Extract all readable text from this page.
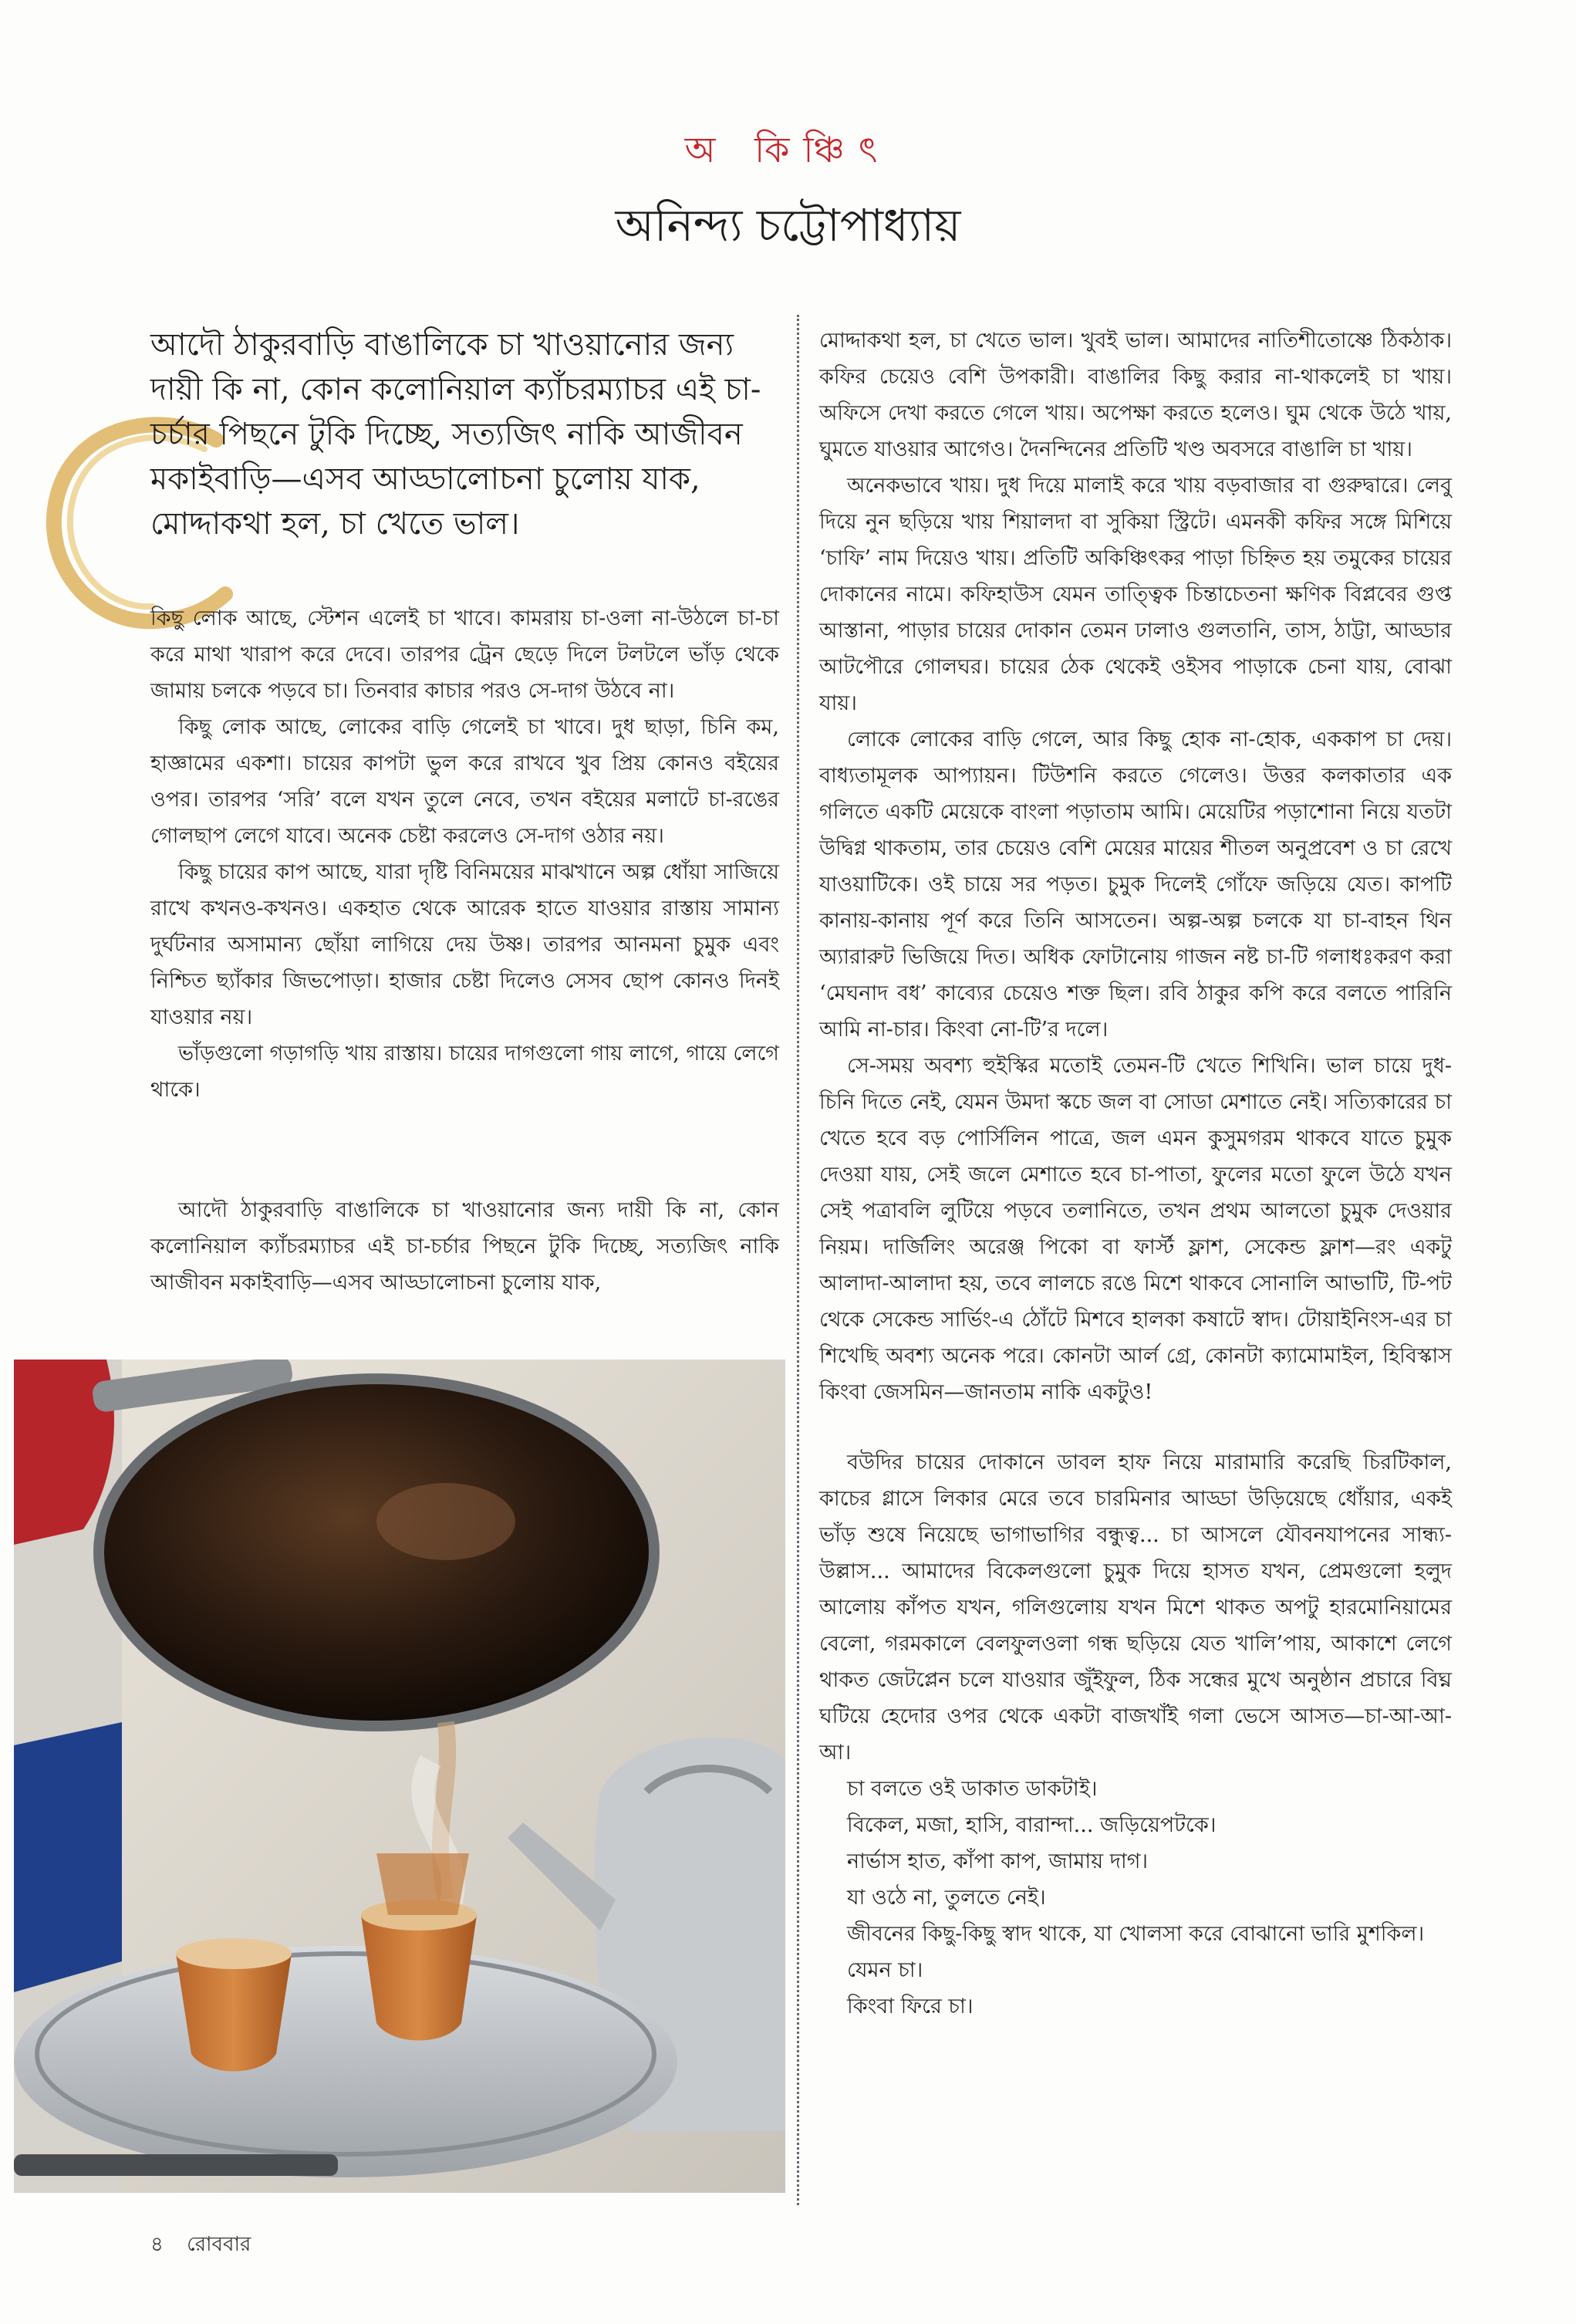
অ কিঞ্চিৎ
অনিন্দ্য চট্টোপাধ্যায়

আদৌ ঠাকুরবাড়ি বাঙালিকে চা খাওয়ানোর জন্য দায়ী কি না, কোন কলোনিয়াল ক্যাঁচরম্যাচর এই চা-চর্চার পিছনে টুকি দিচ্ছে, সত্যজিৎ নাকি আজীবন মকাইবাড়ি—এসব আড্ডালোচনা চুলোয় যাক, মোদ্দাকথা হল, চা খেতে ভাল।

কিছু লোক আছে, স্টেশন এলেই চা খাবে। কামরায় চা-ওলা না-উঠলে চা-চা করে মাথা খারাপ করে দেবে। তারপর ট্রেন ছেড়ে দিলে টলটলে ভাঁড় থেকে জামায় চলকে পড়বে চা। তিনবার কাচার পরও সে-দাগ উঠবে না।

কিছু লোক আছে, লোকের বাড়ি গেলেই চা খাবে। দুধ ছাড়া, চিনি কম, হাজ্ঞামের একশা। চায়ের কাপটা ভুল করে রাখবে খুব প্রিয় কোনও বইয়ের ওপর। তারপর ‘সরি’ বলে যখন তুলে নেবে, তখন বইয়ের মলাটে চা-রঙের গোলছাপ লেগে যাবে। অনেক চেষ্টা করলেও সে-দাগ ওঠার নয়।

কিছু চায়ের কাপ আছে, যারা দৃষ্টি বিনিময়ের মাঝখানে অল্প ধোঁয়া সাজিয়ে রাখে কখনও-কখনও। একহাত থেকে আরেক হাতে যাওয়ার রাস্তায় সামান্য দুর্ঘটনার অসামান্য ছোঁয়া লাগিয়ে দেয় উষ্ণ। তারপর আনমনা চুমুক এবং নিশ্চিত ছ্যাঁকার জিভপোড়া। হাজার চেষ্টা দিলেও সেসব ছোপ কোনও দিনই যাওয়ার নয়।

ভাঁড়গুলো গড়াগড়ি খায় রাস্তায়। চায়ের দাগগুলো গায় লাগে, গায়ে লেগে থাকে।

আদৌ ঠাকুরবাড়ি বাঙালিকে চা খাওয়ানোর জন্য দায়ী কি না, কোন কলোনিয়াল ক্যাঁচরম্যাচর এই চা-চর্চার পিছনে টুকি দিচ্ছে, সত্যজিৎ নাকি আজীবন মকাইবাড়ি—এসব আড্ডালোচনা চুলোয় যাক,

মোদ্দাকথা হল, চা খেতে ভাল। খুবই ভাল। আমাদের নাতিশীতোষ্ণে ঠিকঠাক। কফির চেয়েও বেশি উপকারী। বাঙালির কিছু করার না-থাকলেই চা খায়। অফিসে দেখা করতে গেলে খায়। অপেক্ষা করতে হলেও। ঘুম থেকে উঠে খায়, ঘুমতে যাওয়ার আগেও। দৈনন্দিনের প্রতিটি খণ্ড অবসরে বাঙালি চা খায়।

অনেকভাবে খায়। দুধ দিয়ে মালাই করে খায় বড়বাজার বা গুরুদ্বারে। লেবু দিয়ে নুন ছড়িয়ে খায় শিয়ালদা বা সুকিয়া স্ট্রিটে। এমনকী কফির সঙ্গে মিশিয়ে ‘চাফি’ নাম দিয়েও খায়। প্রতিটি অকিঞ্চিৎকর পাড়া চিহ্নিত হয় তমুকের চায়ের দোকানের নামে। কফিহাউস যেমন তাত্ত্বিক চিন্তাচেতনা ক্ষণিক বিপ্লবের গুপ্ত আস্তানা, পাড়ার চায়ের দোকান তেমন ঢালাও গুলতানি, তাস, ঠাট্টা, আড্ডার আটপৌরে গোলঘর। চায়ের ঠেক থেকেই ওইসব পাড়াকে চেনা যায়, বোঝা যায়।

লোকে লোকের বাড়ি গেলে, আর কিছু হোক না-হোক, এককাপ চা দেয়। বাধ্যতামূলক আপ্যায়ন। টিউশনি করতে গেলেও। উত্তর কলকাতার এক গলিতে একটি মেয়েকে বাংলা পড়াতাম আমি। মেয়েটির পড়াশোনা নিয়ে যতটা উদ্বিগ্ন থাকতাম, তার চেয়েও বেশি মেয়ের মায়ের শীতল অনুপ্রবেশ ও চা রেখে যাওয়াটিকে। ওই চায়ে সর পড়ত। চুমুক দিলেই গোঁফে জড়িয়ে যেত। কাপটি কানায়-কানায় পূর্ণ করে তিনি আসতেন। অল্প-অল্প চলকে যা চা-বাহন থিন অ্যারারুট ভিজিয়ে দিত। অধিক ফোটানোয় গাজন নষ্ট চা-টি গলাধঃকরণ করা ‘মেঘনাদ বধ’ কাব্যের চেয়েও শক্ত ছিল। রবি ঠাকুর কপি করে বলতে পারিনি আমি না-চার। কিংবা নো-টি’র দলে।

সে-সময় অবশ্য হুইস্কির মতোই তেমন-টি খেতে শিখিনি। ভাল চায়ে দুধ-চিনি দিতে নেই, যেমন উমদা স্কচে জল বা সোডা মেশাতে নেই। সত্যিকারের চা খেতে হবে বড় পোর্সিলিন পাত্রে, জল এমন কুসুমগরম থাকবে যাতে চুমুক দেওয়া যায়, সেই জলে মেশাতে হবে চা-পাতা, ফুলের মতো ফুলে উঠে যখন সেই পত্রাবলি লুটিয়ে পড়বে তলানিতে, তখন প্রথম আলতো চুমুক দেওয়ার নিয়ম। দার্জিলিং অরেঞ্জ পিকো বা ফার্স্ট ফ্লাশ, সেকেন্ড ফ্লাশ—রং একটু আলাদা-আলাদা হয়, তবে লালচে রঙে মিশে থাকবে সোনালি আভাটি, টি-পট থেকে সেকেন্ড সার্ভিং-এ ঠোঁটে মিশবে হালকা কষাটে স্বাদ। টোয়াইনিংস-এর চা শিখেছি অবশ্য অনেক পরে। কোনটা আর্ল গ্রে, কোনটা ক্যামোমাইল, হিবিস্কাস কিংবা জেসমিন—জানতাম নাকি একটুও!

বউদির চায়ের দোকানে ডাবল হাফ নিয়ে মারামারি করেছি চিরটিকাল, কাচের গ্লাসে লিকার মেরে তবে চারমিনার আড্ডা উড়িয়েছে ধোঁয়ার, একই ভাঁড় শুষে নিয়েছে ভাগাভাগির বন্ধুত্ব... চা আসলে যৌবনযাপনের সান্ধ্য-উল্লাস... আমাদের বিকেলগুলো চুমুক দিয়ে হাসত যখন, প্রেমগুলো হলুদ আলোয় কাঁপত যখন, গলিগুলোয় যখন মিশে থাকত অপটু হারমোনিয়ামের বেলো, গরমকালে বেলফুলওলা গন্ধ ছড়িয়ে যেত খালি’পায়, আকাশে লেগে থাকত জেটপ্লেন চলে যাওয়ার জুঁইফুল, ঠিক সন্ধের মুখে অনুষ্ঠান প্রচারে বিঘ্ন ঘটিয়ে হেদোর ওপর থেকে একটা বাজখাঁই গলা ভেসে আসত—চা-আ-আ-আ।

চা বলতে ওই ডাকাত ডাকটাই।

বিকেল, মজা, হাসি, বারান্দা... জড়িয়েপটকে।

নার্ভাস হাত, কাঁপা কাপ, জামায় দাগ।

যা ওঠে না, তুলতে নেই।

জীবনের কিছু-কিছু স্বাদ থাকে, যা খোলসা করে বোঝানো ভারি মুশকিল।

যেমন চা।

কিংবা ফিরে চা।

৪ রোববার
